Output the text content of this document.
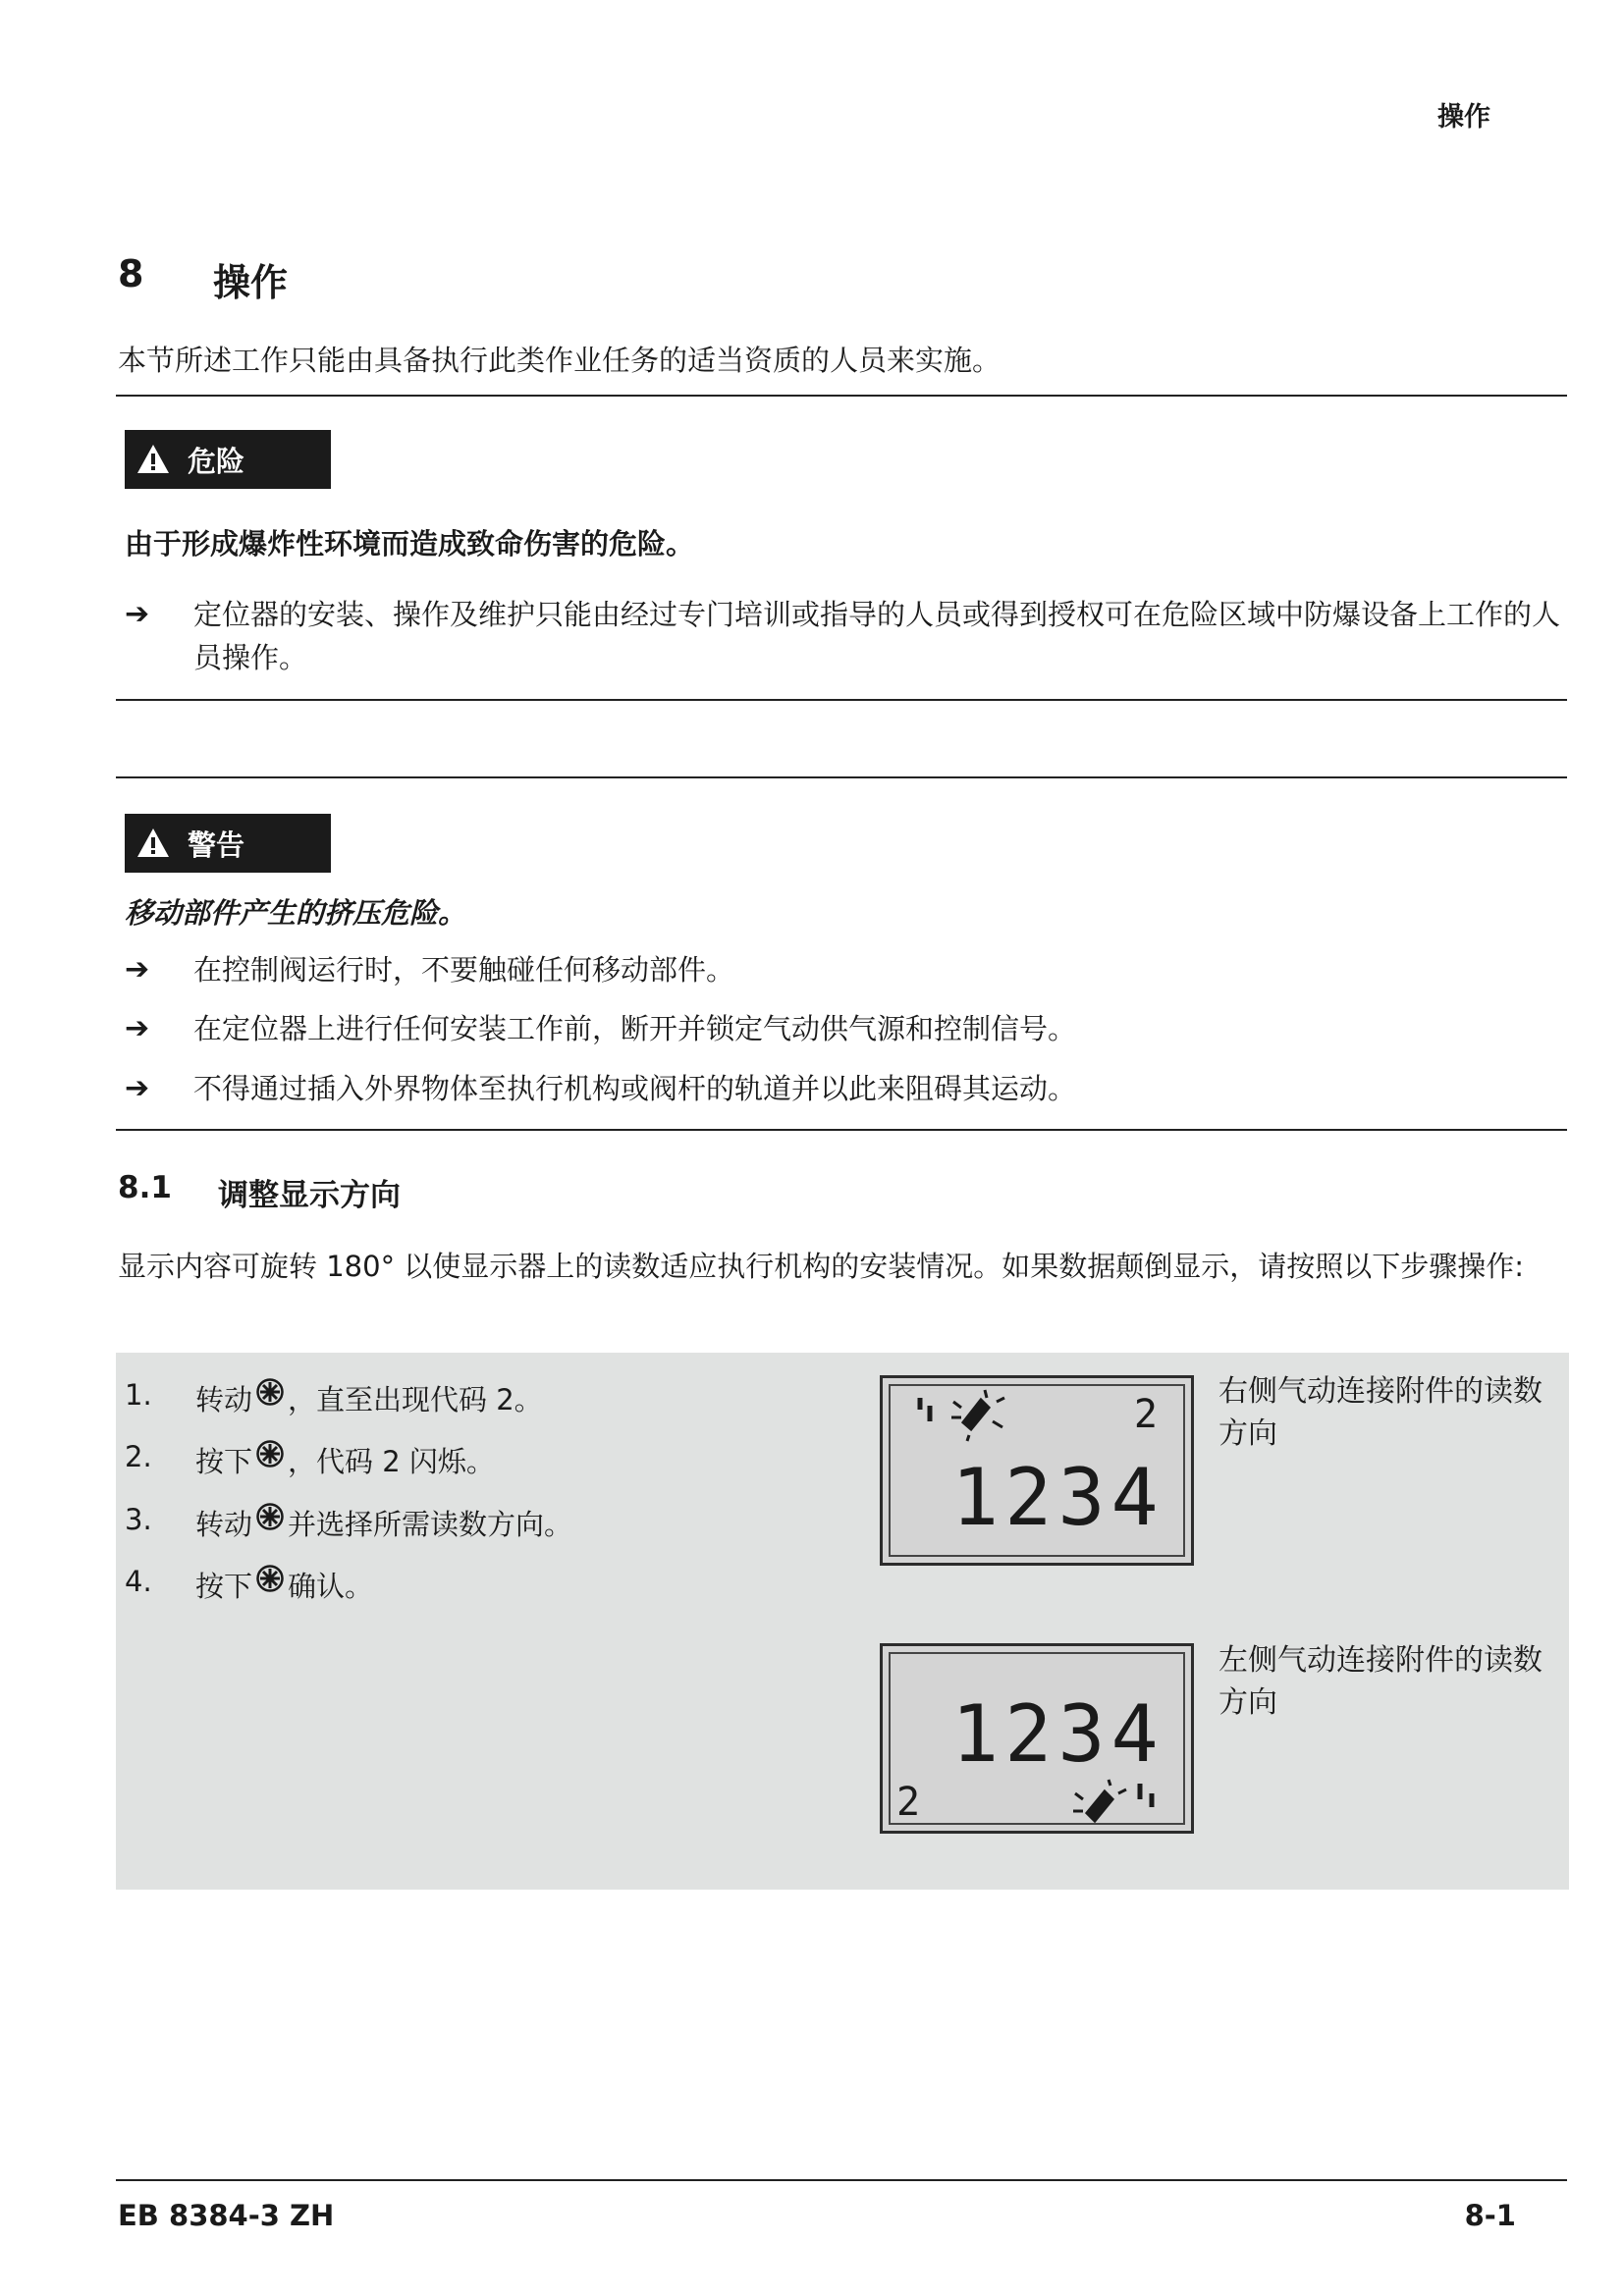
操作
8 操作
本节所述工作只能由具备执行此类作业任务的适当资质的人员来实施。
危险
由于形成爆炸性环境而造成致命伤害的危险。
➔	定位器的安装、操作及维护只能由经过专门培训或指导的人员或得到授权可在危险区域中防爆设备上工作的人员操作。
警告
移动部件产生的挤压危险。
➔	在控制阀运行时，不要触碰任何移动部件。
➔	在定位器上进行任何安装工作前，断开并锁定气动供气源和控制信号。
➔	不得通过插入外界物体至执行机构或阀杆的轨道并以此来阻碍其运动。
8.1 调整显示方向
显示内容可旋转 180° 以使显示器上的读数适应执行机构的安装情况。如果数据颠倒显示，请按照以下步骤操作:
1.	转动 ，直至出现代码 2。
2.	按下 ，代码 2 闪烁。
3.	转动 并选择所需读数方向。
4.	按下 确认。
2
1234
右侧气动连接附件的读数方向
2
1234
左侧气动连接附件的读数方向
EB 8384-3 ZH	8-1
